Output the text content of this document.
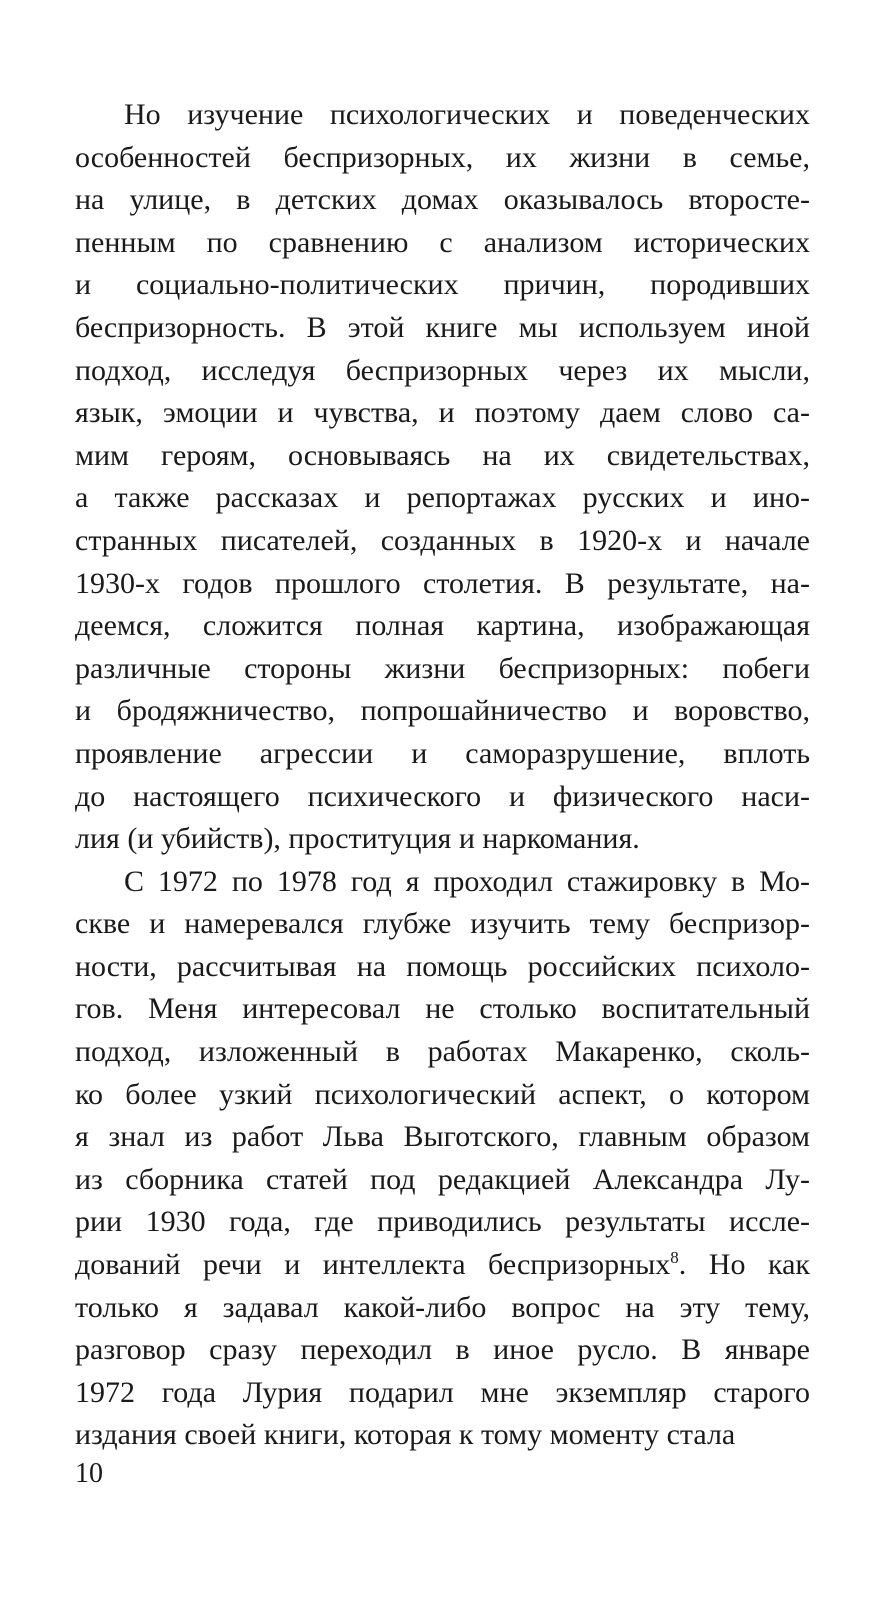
Но изучение психологических и поведенческих
особенностей беспризорных, их жизни в семье,
на улице, в детских домах оказывалось второсте-
пенным по сравнению с анализом исторических
и социально-политических причин, породивших
беспризорность. В этой книге мы используем иной
подход, исследуя беспризорных через их мысли,
язык, эмоции и чувства, и поэтому даем слово са-
мим героям, основываясь на их свидетельствах,
а также рассказах и репортажах русских и ино-
странных писателей, созданных в 1920-х и начале
1930-х годов прошлого столетия. В результате, на-
деемся, сложится полная картина, изображающая
различные стороны жизни беспризорных: побеги
и бродяжничество, попрошайничество и воровство,
проявление агрессии и саморазрушение, вплоть
до настоящего психического и физического наси-
лия (и убийств), проституция и наркомания.
С 1972 по 1978 год я проходил стажировку в Мо-
скве и намеревался глубже изучить тему беспризор-
ности, рассчитывая на помощь российских психоло-
гов. Меня интересовал не столько воспитательный
подход, изложенный в работах Макаренко, сколь-
ко более узкий психологический аспект, о котором
я знал из работ Льва Выготского, главным образом
из сборника статей под редакцией Александра Лу-
рии 1930 года, где приводились результаты иссле-
дований речи и интеллекта беспризорных$^8$. Но как
только я задавал какой-либо вопрос на эту тему,
разговор сразу переходил в иное русло. В январе
1972 года Лурия подарил мне экземпляр старого
издания своей книги, которая к тому моменту стала
10
